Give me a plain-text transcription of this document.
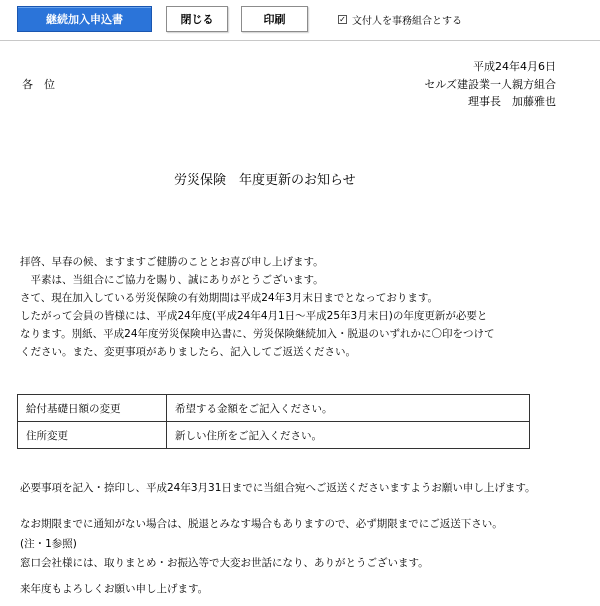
継続加入申込書	閉じる	印刷	✓ 文付人を事務組合とする
平成24年4月6日
各　位	セルズ建設業一人親方組合
理事長　加藤雅也
労災保険　年度更新のお知らせ
拝啓、早春の候、ますますご健勝のこととお喜び申し上げます。
　平素は、当組合にご協力を賜り、誠にありがとうございます。
さて、現在加入している労災保険の有効期間は平成24年3月末日までとなっております。
したがって会員の皆様には、平成24年度(平成24年4月1日～平成25年3月末日)の年度更新が必要と
なります。別紙、平成24年度労災保険申込書に、労災保険継続加入・脱退のいずれかに〇印をつけて
ください。また、変更事項がありましたら、記入してご返送ください。
給付基礎日額の変更	希望する金額をご記入ください。
住所変更	新しい住所をご記入ください。
必要事項を記入・捺印し、平成24年3月31日までに当組合宛へご返送くださいますようお願い申し上げます。
なお期限までに通知がない場合は、脱退とみなす場合もありますので、必ず期限までにご返送下さい。
(注・1参照)
窓口会社様には、取りまとめ・お振込等で大変お世話になり、ありがとうございます。
来年度もよろしくお願い申し上げます。
